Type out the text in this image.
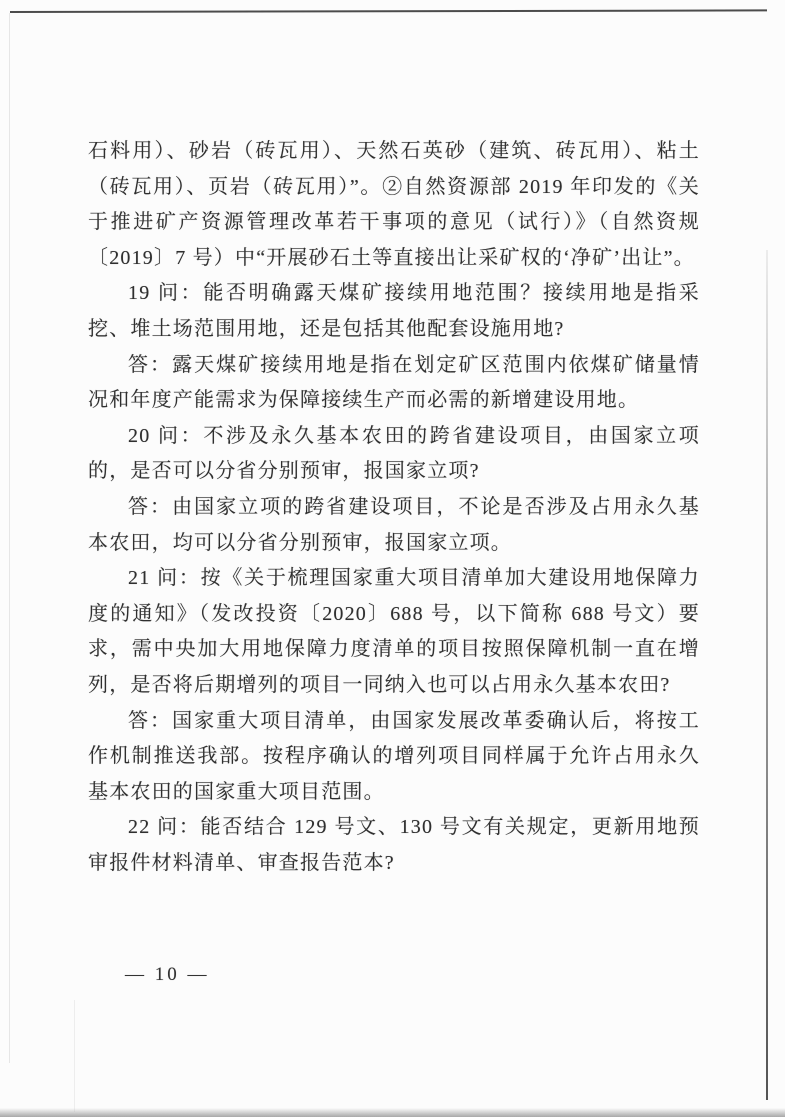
石料用）、砂岩（砖瓦用）、天然石英砂（建筑、砖瓦用）、粘土（砖瓦用）、页岩（砖瓦用）”。②自然资源部 2019 年印发的《关于推进矿产资源管理改革若干事项的意见（试行）》（自然资规〔2019〕7 号）中“开展砂石土等直接出让采矿权的‘净矿’出让”。

19 问：能否明确露天煤矿接续用地范围？接续用地是指采挖、堆土场范围用地，还是包括其他配套设施用地?

答：露天煤矿接续用地是指在划定矿区范围内依煤矿储量情况和年度产能需求为保障接续生产而必需的新增建设用地。

20 问：不涉及永久基本农田的跨省建设项目，由国家立项的，是否可以分省分别预审，报国家立项?

答：由国家立项的跨省建设项目，不论是否涉及占用永久基本农田，均可以分省分别预审，报国家立项。

21 问：按《关于梳理国家重大项目清单加大建设用地保障力度的通知》（发改投资〔2020〕688 号，以下简称 688 号文）要求，需中央加大用地保障力度清单的项目按照保障机制一直在增列，是否将后期增列的项目一同纳入也可以占用永久基本农田?

答：国家重大项目清单，由国家发展改革委确认后，将按工作机制推送我部。按程序确认的增列项目同样属于允许占用永久基本农田的国家重大项目范围。

22 问：能否结合 129 号文、130 号文有关规定，更新用地预审报件材料清单、审查报告范本?

— 10 —
